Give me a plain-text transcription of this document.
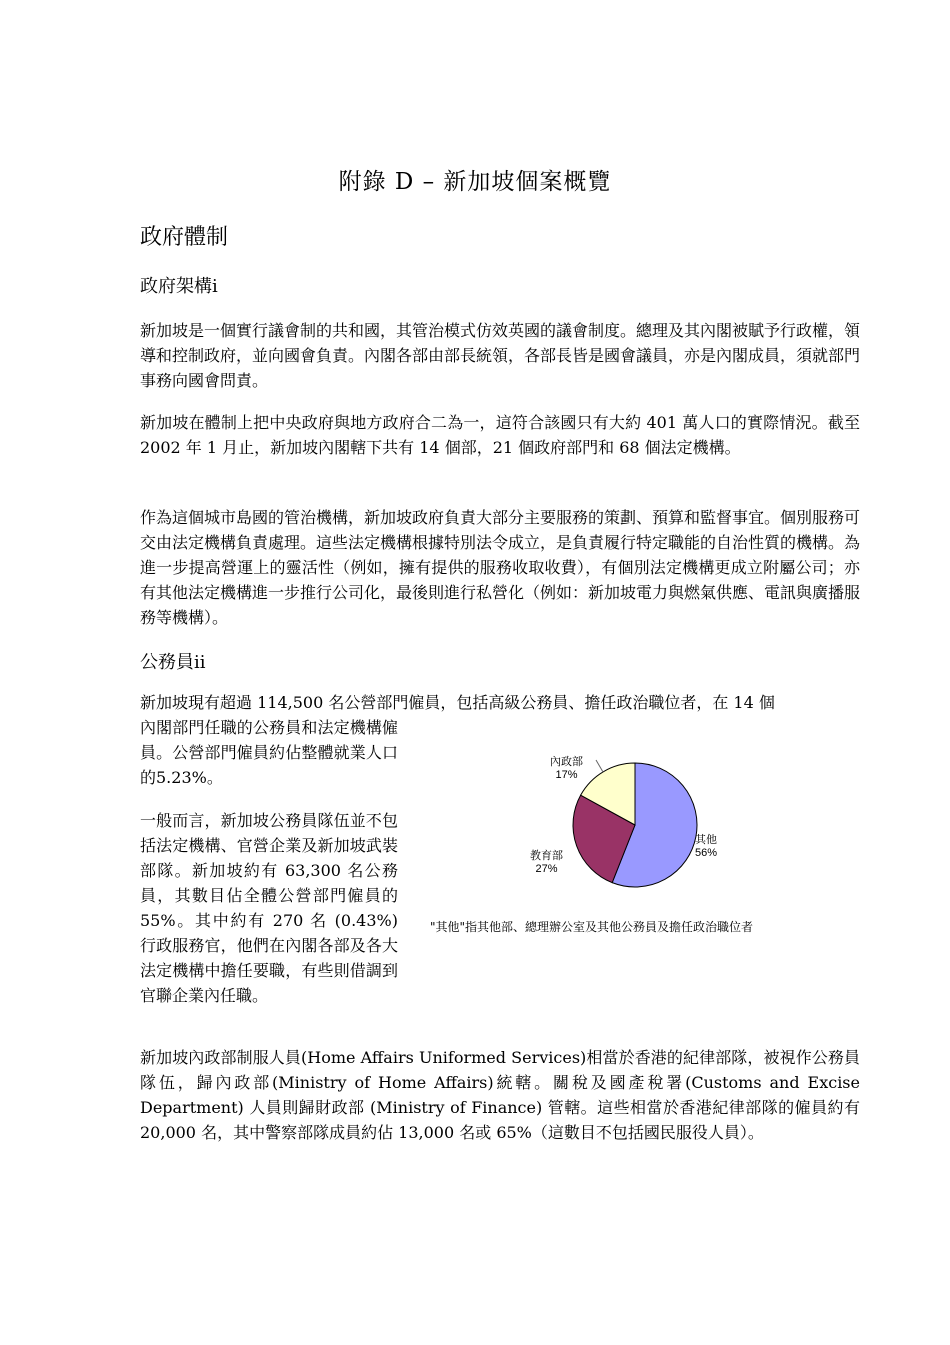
附錄 D – 新加坡個案概覽
政府體制
政府架構i
新加坡是一個實行議會制的共和國，其管治模式仿效英國的議會制度。總理及其內閣被賦予行政權，領導和控制政府，並向國會負責。內閣各部由部長統領，各部長皆是國會議員，亦是內閣成員，須就部門事務向國會問責。
新加坡在體制上把中央政府與地方政府合二為一，這符合該國只有大約 401 萬人口的實際情況。截至 2002 年 1 月止，新加坡內閣轄下共有 14 個部，21 個政府部門和 68 個法定機構。
作為這個城市島國的管治機構，新加坡政府負責大部分主要服務的策劃、預算和監督事宜。個別服務可交由法定機構負責處理。這些法定機構根據特別法令成立，是負責履行特定職能的自治性質的機構。為進一步提高營運上的靈活性（例如，擁有提供的服務收取收費），有個別法定機構更成立附屬公司；亦有其他法定機構進一步推行公司化，最後則進行私營化（例如：新加坡電力與燃氣供應、電訊與廣播服務等機構）。
公務員ii
新加坡現有超過 114,500 名公營部門僱員，包括高級公務員、擔任政治職位者，在 14 個
內閣部門任職的公務員和法定機構僱員。公營部門僱員約佔整體就業人口的5.23%。
一般而言，新加坡公務員隊伍並不包括法定機構、官營企業及新加坡武裝部隊。新加坡約有 63,300 名公務員，其數目佔全體公營部門僱員的 55%。其中約有 270 名 (0.43%) 行政服務官，他們在內閣各部及各大法定機構中擔任要職，有些則借調到官聯企業內任職。
內政部
17%
其他
56%
教育部
27%
"其他"指其他部、總理辦公室及其他公務員及擔任政治職位者
新加坡內政部制服人員(Home Affairs Uniformed Services)相當於香港的紀律部隊，被視作公務員隊伍，歸內政部(Ministry of Home Affairs)統轄。關稅及國產稅署(Customs and Excise Department) 人員則歸財政部 (Ministry of Finance) 管轄。這些相當於香港紀律部隊的僱員約有 20,000 名，其中警察部隊成員約佔 13,000 名或 65%（這數目不包括國民服役人員）。
